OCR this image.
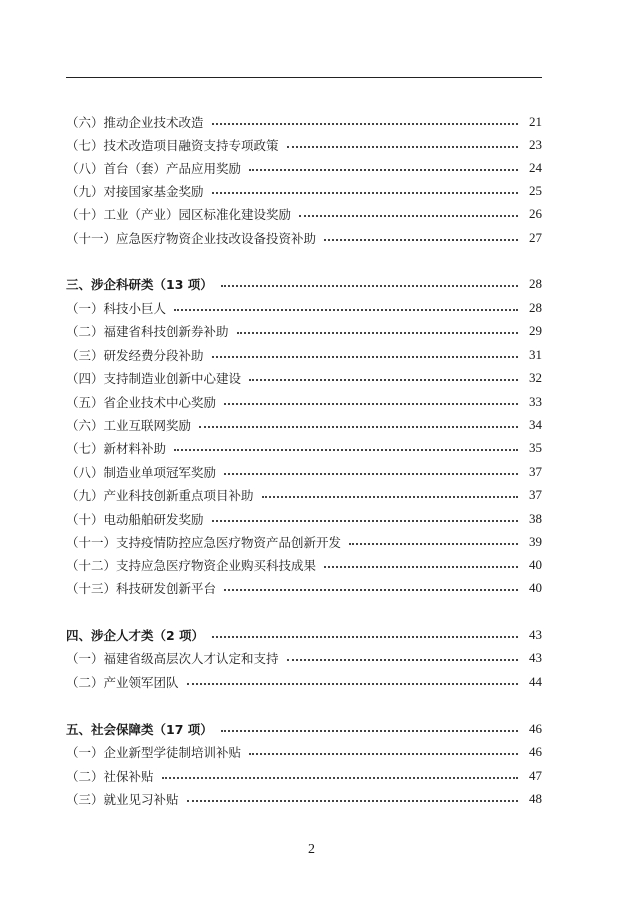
（六）推动企业技术改造	21
（七）技术改造项目融资支持专项政策	23
（八）首台（套）产品应用奖励	24
（九）对接国家基金奖励	25
（十）工业（产业）园区标准化建设奖励	26
（十一）应急医疗物资企业技改设备投资补助	27
三、涉企科研类（13 项）	28
（一）科技小巨人	28
（二）福建省科技创新券补助	29
（三）研发经费分段补助	31
（四）支持制造业创新中心建设	32
（五）省企业技术中心奖励	33
（六）工业互联网奖励	34
（七）新材料补助	35
（八）制造业单项冠军奖励	37
（九）产业科技创新重点项目补助	37
（十）电动船舶研发奖励	38
（十一）支持疫情防控应急医疗物资产品创新开发	39
（十二）支持应急医疗物资企业购买科技成果	40
（十三）科技研发创新平台	40
四、涉企人才类（2 项）	43
（一）福建省级高层次人才认定和支持	43
（二）产业领军团队	44
五、社会保障类（17 项）	46
（一）企业新型学徒制培训补贴	46
（二）社保补贴	47
（三）就业见习补贴	48
2
